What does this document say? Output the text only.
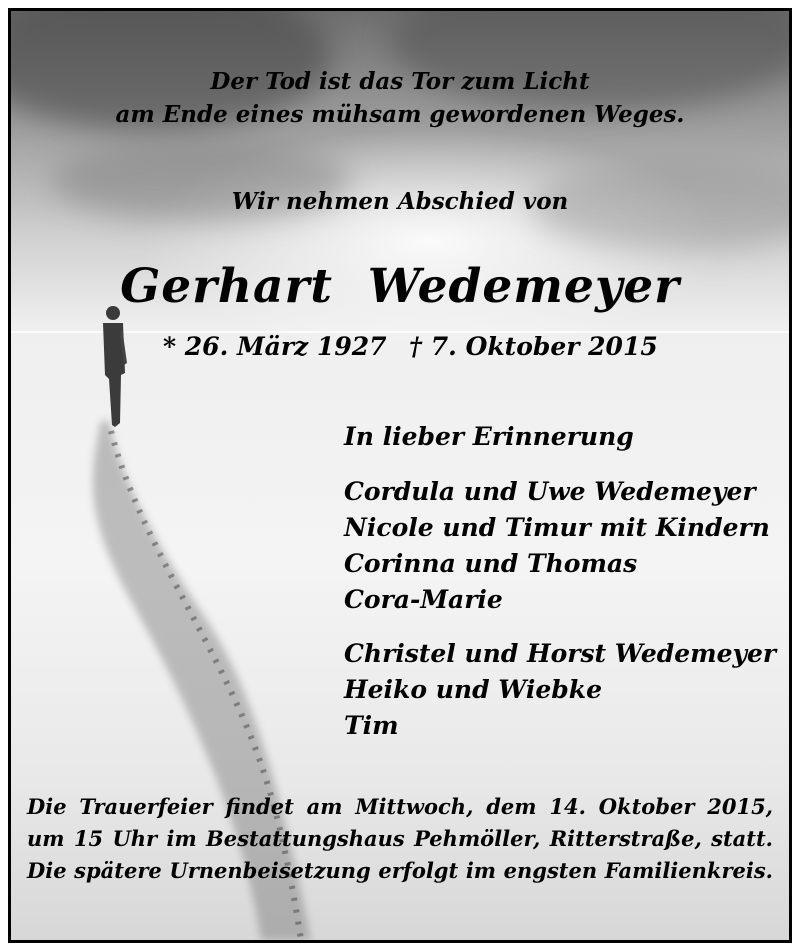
Der Tod ist das Tor zum Licht
am Ende eines mühsam gewordenen Weges.
Wir nehmen Abschied von
Gerhart  Wedemeyer
* 26. März 1927 † 7. Oktober 2015
In lieber Erinnerung
Cordula und Uwe Wedemeyer
Nicole und Timur mit Kindern
Corinna und Thomas
Cora-Marie
Christel und Horst Wedemeyer
Heiko und Wiebke
Tim
Die Trauerfeier findet am Mittwoch, dem 14. Oktober 2015,
um 15 Uhr im Bestattungshaus Pehmöller, Ritterstraße, statt.
Die spätere Urnenbeisetzung erfolgt im engsten Familienkreis.
